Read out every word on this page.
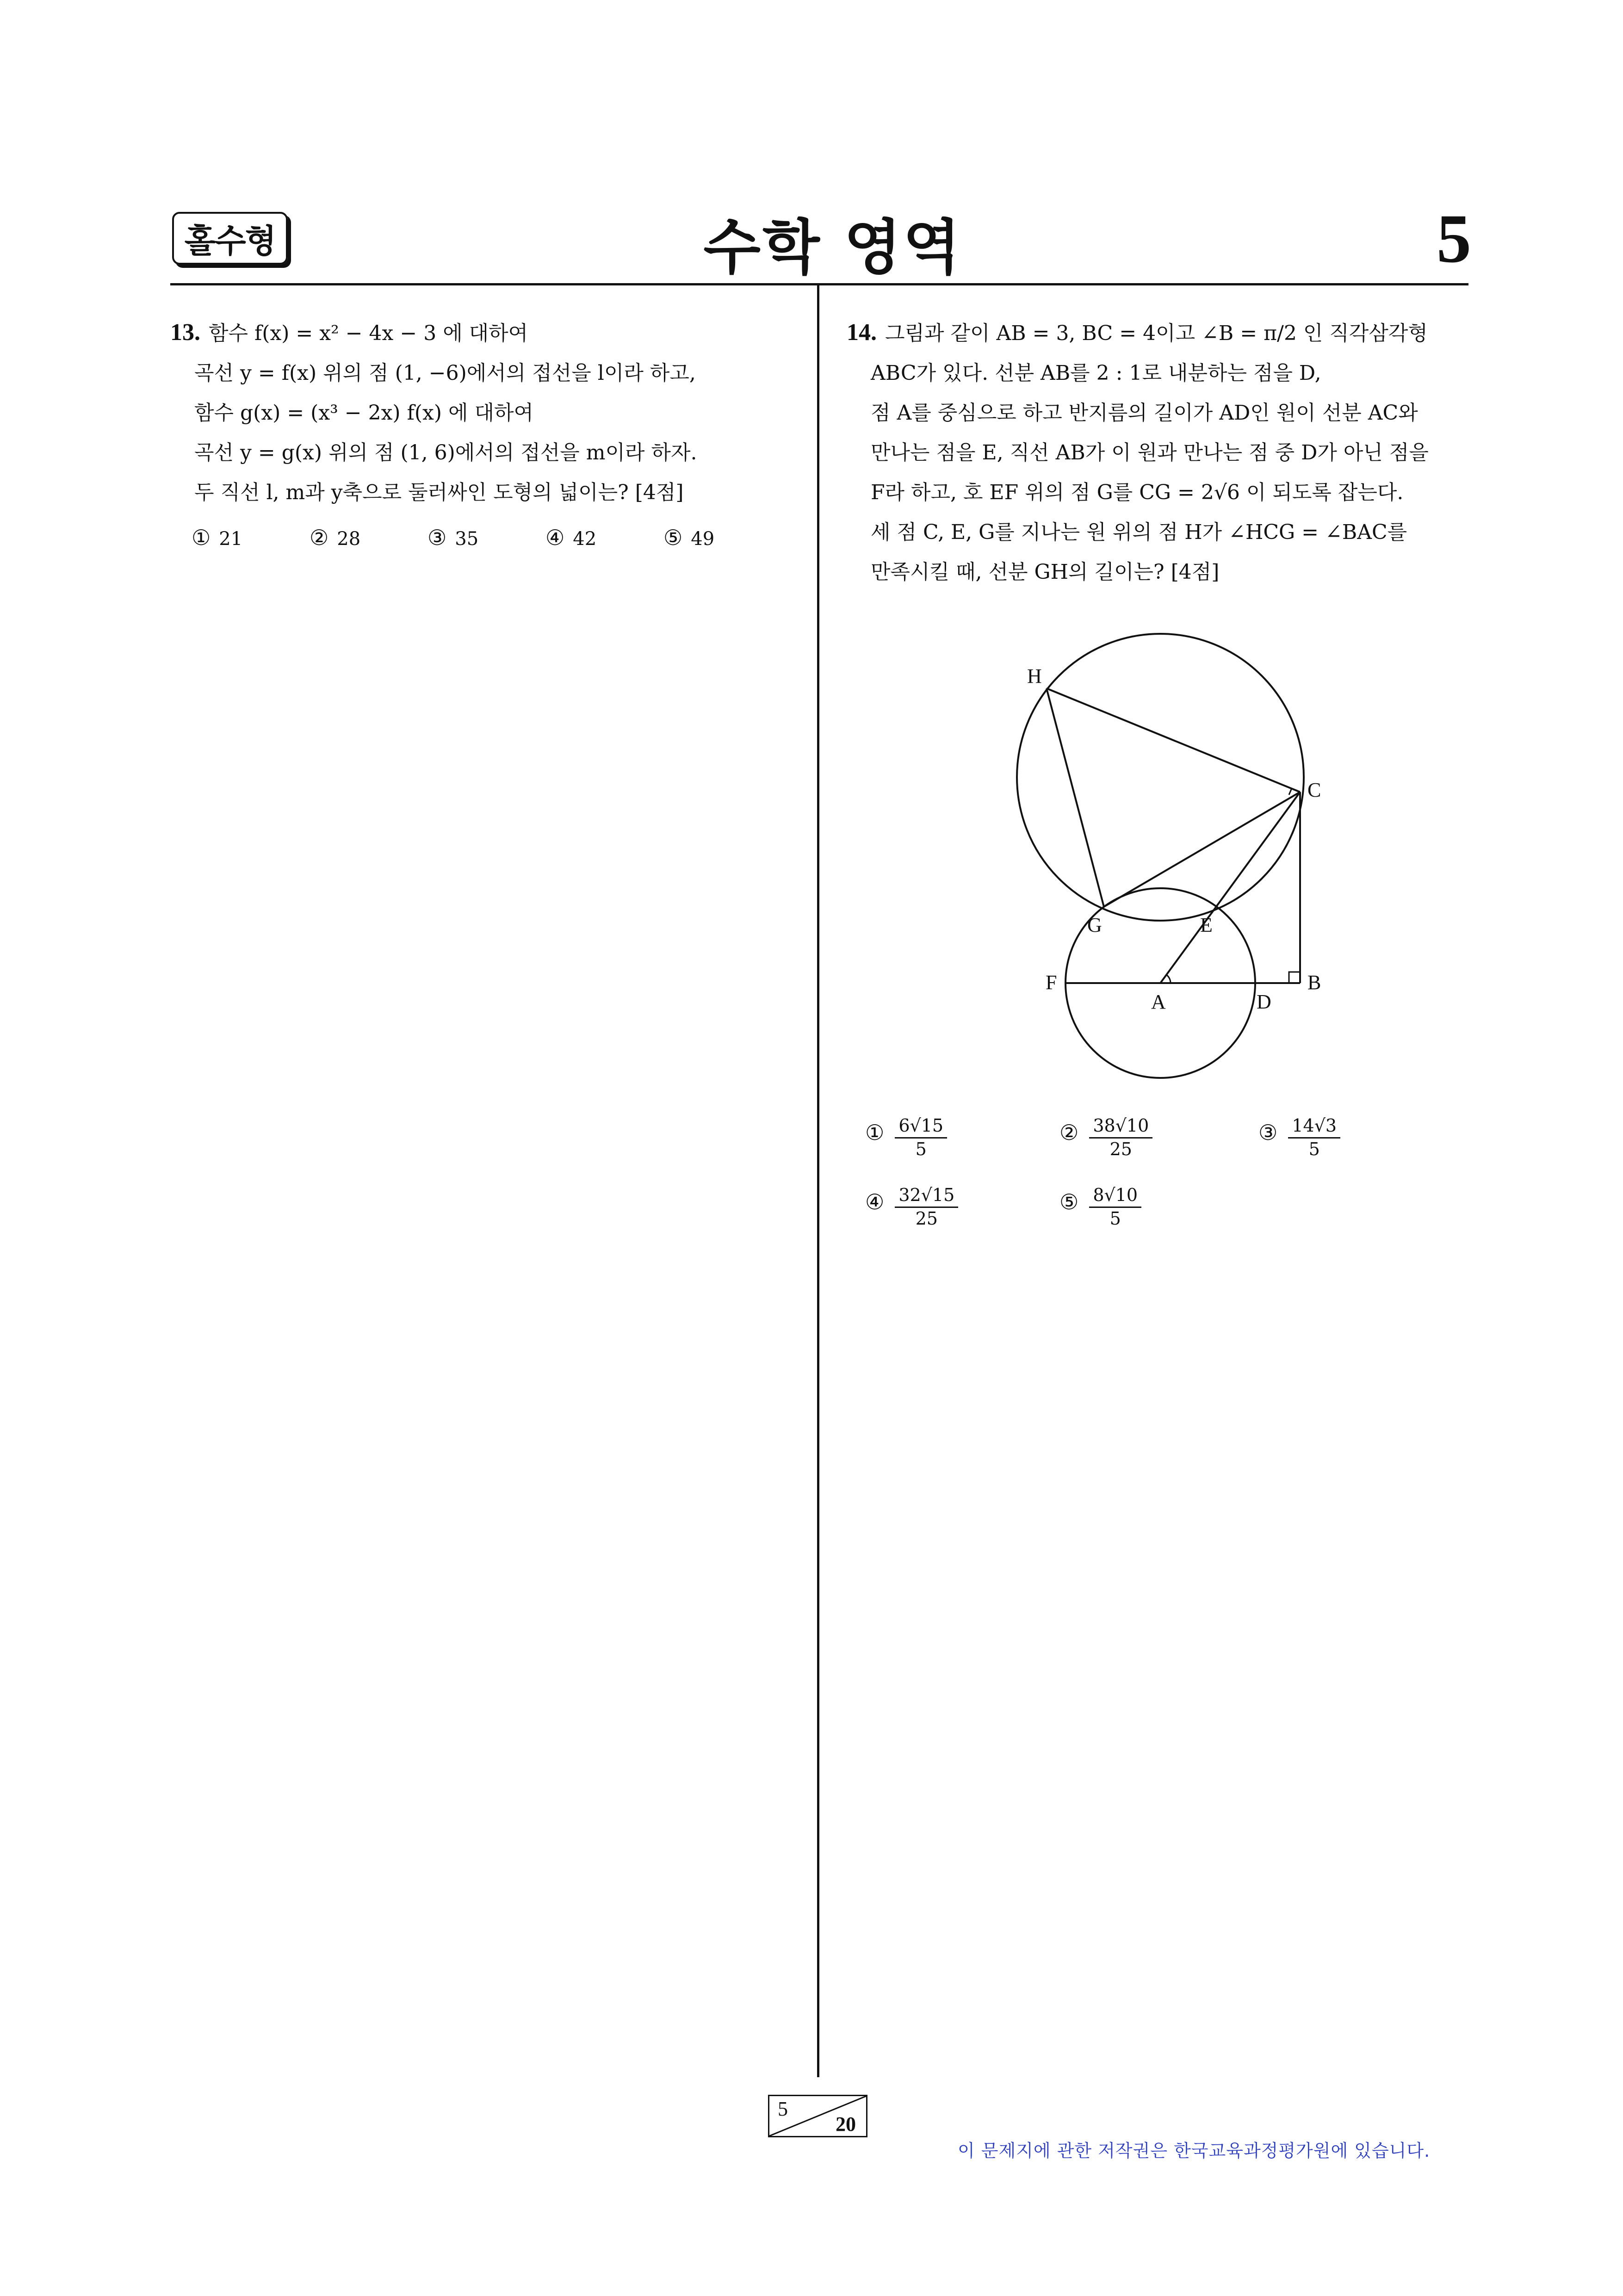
홀수형	수학 영역	5
13. 함수 f(x) = x² − 4x − 3 에 대하여
곡선 y = f(x) 위의 점 (1, −6)에서의 접선을 l이라 하고,
함수 g(x) = (x³ − 2x) f(x) 에 대하여
곡선 y = g(x) 위의 점 (1, 6)에서의 접선을 m이라 하자.
두 직선 l, m과 y축으로 둘러싸인 도형의 넓이는? [4점]
① 21	② 28	③ 35	④ 42	⑤ 49
14. 그림과 같이 AB = 3, BC = 4이고 ∠B = π/2 인 직각삼각형
ABC가 있다. 선분 AB를 2 : 1로 내분하는 점을 D,
점 A를 중심으로 하고 반지름의 길이가 AD인 원이 선분 AC와
만나는 점을 E, 직선 AB가 이 원과 만나는 점 중 D가 아닌 점을
F라 하고, 호 EF 위의 점 G를 CG = 2√6 이 되도록 잡는다.
세 점 C, E, G를 지나는 원 위의 점 H가 ∠HCG = ∠BAC를
만족시킬 때, 선분 GH의 길이는? [4점]
H
C
G	E
F
A	D
B
① $\frac{6√15}{5}$	② $\frac{38√10}{25}$	③ $\frac{14√3}{5}$
④ $\frac{32√15}{25}$	⑤ $\frac{8√10}{5}$
5
20
이 문제지에 관한 저작권은 한국교육과정평가원에 있습니다.
